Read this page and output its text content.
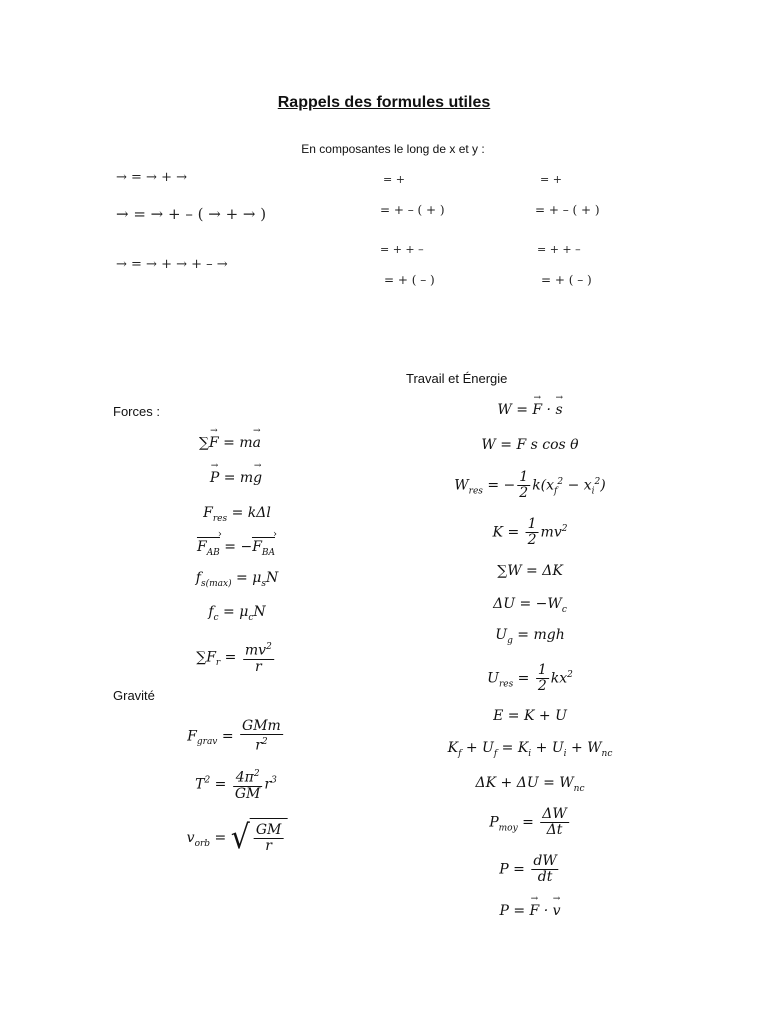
Rappels des formules utiles
En composantes le long de x et y :
→ = → + →
→ = → + – ( → + → )
→ = → + → + – →
= +
= + – ( + )
= + + –
= + ( – )
= +
= + – ( + )
= + + –
= + ( – )
Travail et Énergie
Forces :
Gravité
∑→ F = m→ a
→ P = m→ g
$F_{res} = k\Delta l$
$F_{AB}$ › = $-F_{BA}$ ›
$f_{s(max)} = \mu_sN$
$f_c = \mu_cN$
$\sum F_r = \frac{mv^2}{r}$
$F_{grav} = \frac{\text{GMm}}{r^2}$
$T^2 = \frac{4\pi^2}{GM} r^3$
$v_{orb}$ = √ $\frac{GM}{r}$
W = → F · → s
W = F s cos θ
$W_{res}$ = − $\frac{1}{2} k(x_f^2 - x_i^2)$
$K = \frac{1}{2} mv^2$
∑W = ΔK
$\Delta U = -W_c$
$U_g$ = mgh
$U_{res} = \frac{1}{2} kx^2$
E = K + U
$K_f + U_f = K_i + U_i + W_{nc}$
$\Delta K + \Delta U = W_{nc}$
$P_{moy} = \frac{\Delta W}{\Delta t}$
$P = \frac{dW}{dt}$
P = → F · → v
